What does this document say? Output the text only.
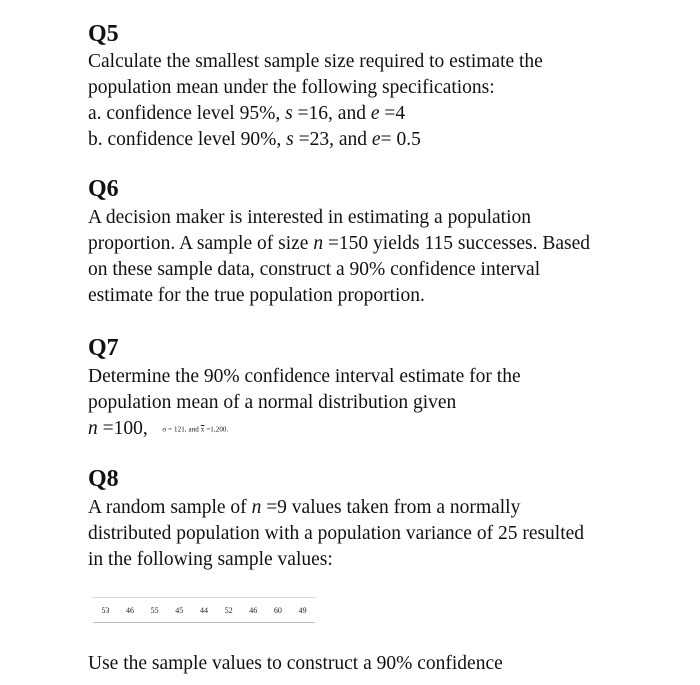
Q5
Calculate the smallest sample size required to estimate the
population mean under the following specifications:
a. confidence level 95%, s =16, and e =4
b. confidence level 90%, s =23, and e= 0.5
Q6
A decision maker is interested in estimating a population
proportion. A sample of size n =150 yields 115 successes. Based
on these sample data, construct a 90% confidence interval
estimate for the true population proportion.
Q7
Determine the 90% confidence interval estimate for the
population mean of a normal distribution given
n =100, σ = 121, and $\overline{x} =1,200$.
Q8
A random sample of n =9 values taken from a normally
distributed population with a population variance of 25 resulted
in the following sample values:
53 46 55 45 44 52 46 60 49
Use the sample values to construct a 90% confidence
